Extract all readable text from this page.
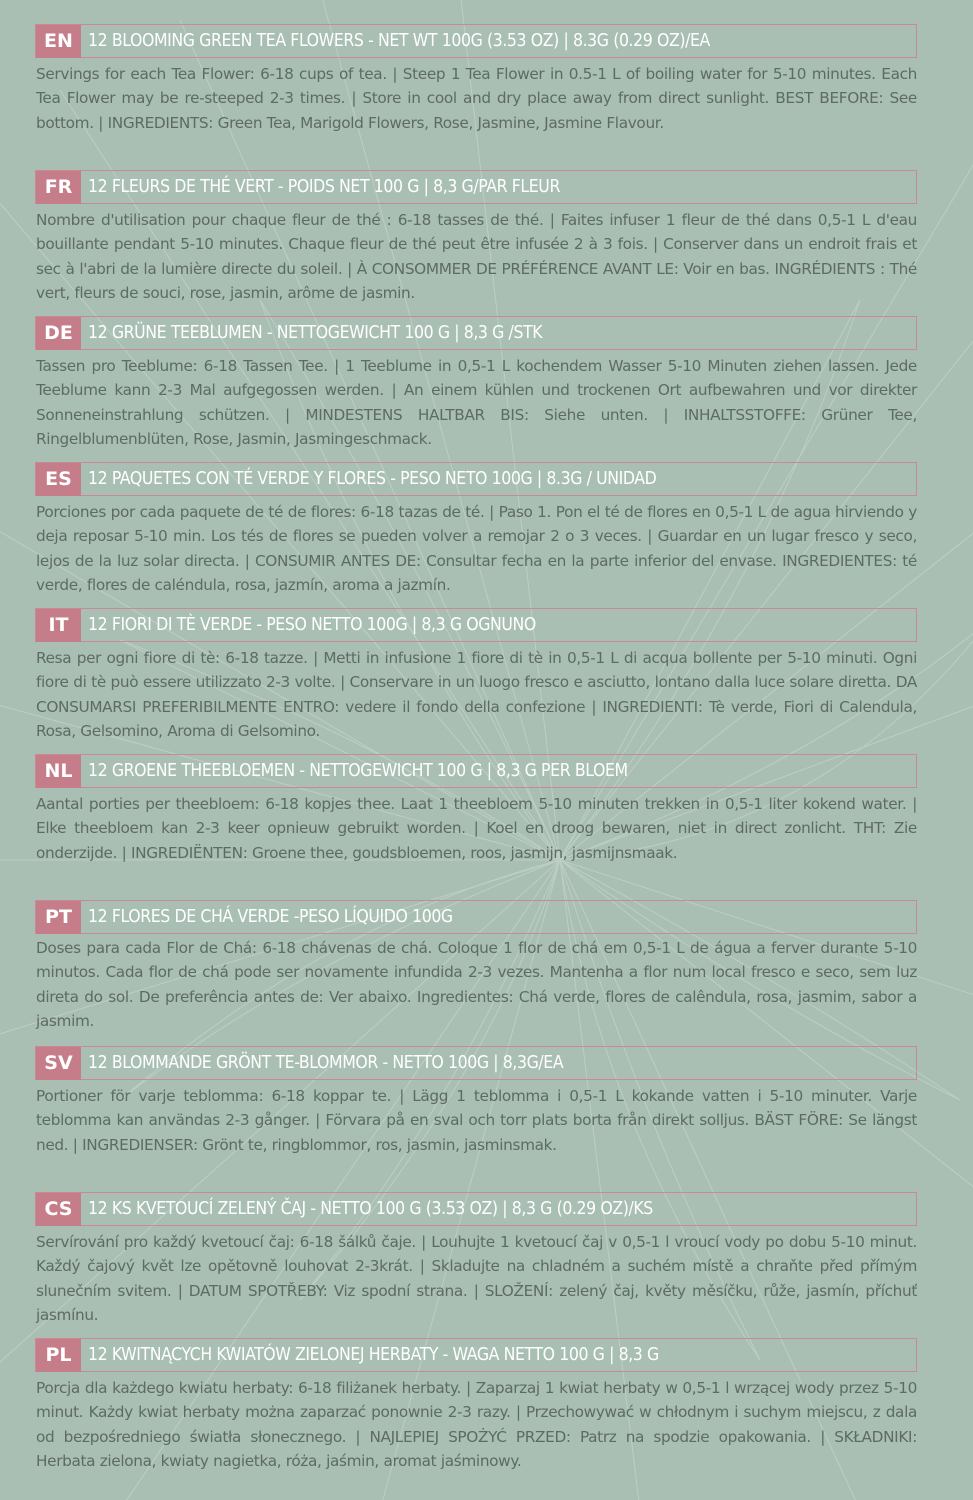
EN 12 BLOOMING GREEN TEA FLOWERS - NET WT 100G (3.53 OZ) | 8.3G (0.29 OZ)/EA
Servings for each Tea Flower: 6-18 cups of tea. | Steep 1 Tea Flower in 0.5-1 L of boiling water for 5-10 minutes. Each Tea Flower may be re-steeped 2-3 times. | Store in cool and dry place away from direct sunlight. BEST BEFORE: See bottom. | INGREDIENTS: Green Tea, Marigold Flowers, Rose, Jasmine, Jasmine Flavour.
FR 12 FLEURS DE THÉ VERT - POIDS NET 100 G | 8,3 G/PAR FLEUR
Nombre d'utilisation pour chaque fleur de thé : 6-18 tasses de thé. | Faites infuser 1 fleur de thé dans 0,5-1 L d'eau bouillante pendant 5-10 minutes. Chaque fleur de thé peut être infusée 2 à 3 fois. | Conserver dans un endroit frais et sec à l'abri de la lumière directe du soleil. | À CONSOMMER DE PRÉFÉRENCE AVANT LE: Voir en bas. INGRÉDIENTS : Thé vert, fleurs de souci, rose, jasmin, arôme de jasmin.
DE 12 GRÜNE TEEBLUMEN - NETTOGEWICHT 100 G | 8,3 G /STK
Tassen pro Teeblume: 6-18 Tassen Tee. | 1 Teeblume in 0,5-1 L kochendem Wasser 5-10 Minuten ziehen lassen. Jede Teeblume kann 2-3 Mal aufgegossen werden. | An einem kühlen und trockenen Ort aufbewahren und vor direkter Sonneneinstrahlung schützen. | MINDESTENS HALTBAR BIS: Siehe unten. | INHALTSSTOFFE: Grüner Tee, Ringelblumenblüten, Rose, Jasmin, Jasmingeschmack.
ES 12 PAQUETES CON TÉ VERDE Y FLORES - PESO NETO 100G | 8.3G / UNIDAD
Porciones por cada paquete de té de flores: 6-18 tazas de té. | Paso 1. Pon el té de flores en 0,5-1 L de agua hirviendo y deja reposar 5-10 min. Los tés de flores se pueden volver a remojar 2 o 3 veces. | Guardar en un lugar fresco y seco, lejos de la luz solar directa. | CONSUMIR ANTES DE: Consultar fecha en la parte inferior del envase. INGREDIENTES: té verde, flores de caléndula, rosa, jazmín, aroma a jazmín.
IT	12 FIORI DI TÈ VERDE - PESO NETTO 100G | 8,3 G OGNUNO
Resa per ogni fiore di tè: 6-18 tazze. | Metti in infusione 1 fiore di tè in 0,5-1 L di acqua bollente per 5-10 minuti. Ogni fiore di tè può essere utilizzato 2-3 volte. | Conservare in un luogo fresco e asciutto, lontano dalla luce solare diretta. DA CONSUMARSI PREFERIBILMENTE ENTRO: vedere il fondo della confezione | INGREDIENTI: Tè verde, Fiori di Calendula, Rosa, Gelsomino, Aroma di Gelsomino.
NL 12 GROENE THEEBLOEMEN - NETTOGEWICHT 100 G | 8,3 G PER BLOEM
Aantal porties per theebloem: 6-18 kopjes thee. Laat 1 theebloem 5-10 minuten trekken in 0,5-1 liter kokend water. | Elke theebloem kan 2-3 keer opnieuw gebruikt worden. | Koel en droog bewaren, niet in direct zonlicht. THT: Zie onderzijde. | INGREDIËNTEN: Groene thee, goudsbloemen, roos, jasmijn, jasmijnsmaak.
PT 12 FLORES DE CHÁ VERDE -PESO LÍQUIDO 100G
Doses para cada Flor de Chá: 6-18 chávenas de chá. Coloque 1 flor de chá em 0,5-1 L de água a ferver durante 5-10 minutos. Cada flor de chá pode ser novamente infundida 2-3 vezes. Mantenha a flor num local fresco e seco, sem luz direta do sol. De preferência antes de: Ver abaixo. Ingredientes: Chá verde, flores de calêndula, rosa, jasmim, sabor a jasmim.
SV 12 BLOMMANDE GRÖNT TE-BLOMMOR - NETTO 100G | 8,3G/EA
Portioner för varje teblomma: 6-18 koppar te. | Lägg 1 teblomma i 0,5-1 L kokande vatten i 5-10 minuter. Varje teblomma kan användas 2-3 gånger. | Förvara på en sval och torr plats borta från direkt solljus. BÄST FÖRE: Se längst ned. | INGREDIENSER: Grönt te, ringblommor, ros, jasmin, jasminsmak.
CS 12 KS KVETOUCÍ ZELENÝ ČAJ - NETTO 100 G (3.53 OZ) | 8,3 G (0.29 OZ)/KS
Servírování pro každý kvetoucí čaj: 6-18 šálků čaje. | Louhujte 1 kvetoucí čaj v 0,5-1 l vroucí vody po dobu 5-10 minut. Každý čajový květ lze opětovně louhovat 2-3krát. | Skladujte na chladném a suchém místě a chraňte před přímým slunečním svitem. | DATUM SPOTŘEBY: Viz spodní strana. | SLOŽENÍ: zelený čaj, květy měsíčku, růže, jasmín, příchuť jasmínu.
PL 12 KWITNĄCYCH KWIATÓW ZIELONEJ HERBATY - WAGA NETTO 100 G | 8,3 G
Porcja dla każdego kwiatu herbaty: 6-18 filiżanek herbaty. | Zaparzaj 1 kwiat herbaty w 0,5-1 l wrzącej wody przez 5-10 minut. Każdy kwiat herbaty można zaparzać ponownie 2-3 razy. | Przechowywać w chłodnym i suchym miejscu, z dala od bezpośredniego światła słonecznego. | NAJLEPIEJ SPOŻYĆ PRZED: Patrz na spodzie opakowania. | SKŁADNIKI: Herbata zielona, kwiaty nagietka, róża, jaśmin, aromat jaśminowy.
